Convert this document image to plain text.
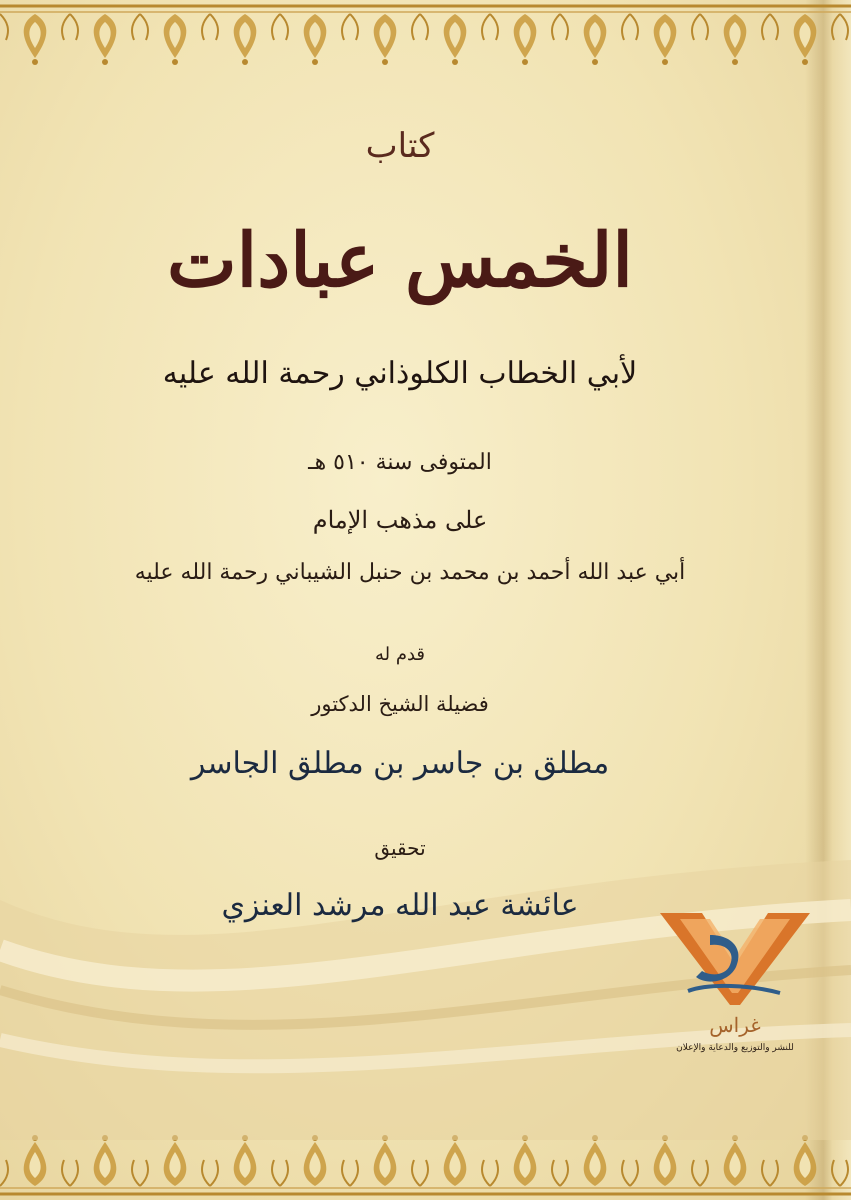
كتاب
الخمس عبادات
لأبي الخطاب الكلوذاني رحمة الله عليه
المتوفى سنة ٥١٠ هـ
على مذهب الإمام
أبي عبد الله أحمد بن محمد بن حنبل الشيباني رحمة الله عليه
قدم له
فضيلة الشيخ الدكتور
مطلق بن جاسر بن مطلق الجاسر
تحقيق
عائشة عبد الله مرشد العنزي
غراس
للنشر والتوزيع والدعاية والإعلان
